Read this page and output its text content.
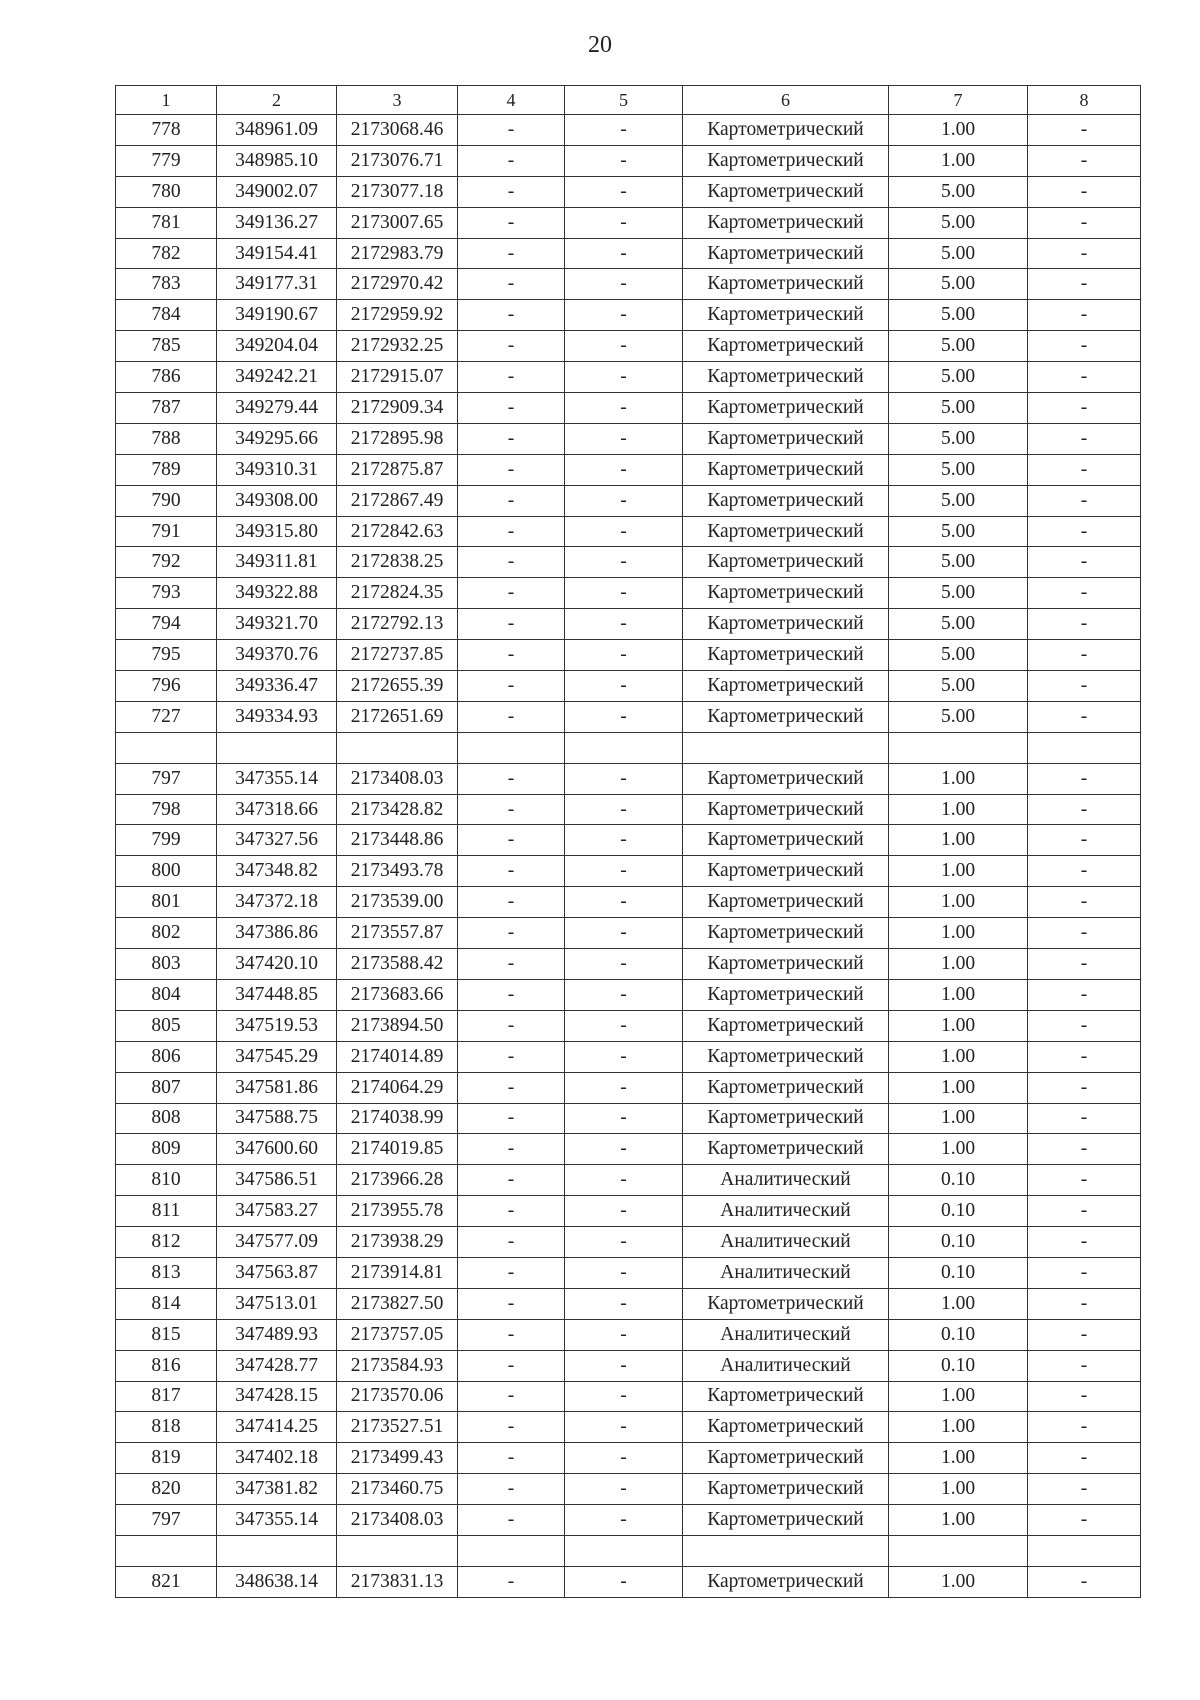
20
1	2	3	4	5	6	7	8
778	348961.09	2173068.46	-	-	Картометрический	1.00	-
779	348985.10	2173076.71	-	-	Картометрический	1.00	-
780	349002.07	2173077.18	-	-	Картометрический	5.00	-
781	349136.27	2173007.65	-	-	Картометрический	5.00	-
782	349154.41	2172983.79	-	-	Картометрический	5.00	-
783	349177.31	2172970.42	-	-	Картометрический	5.00	-
784	349190.67	2172959.92	-	-	Картометрический	5.00	-
785	349204.04	2172932.25	-	-	Картометрический	5.00	-
786	349242.21	2172915.07	-	-	Картометрический	5.00	-
787	349279.44	2172909.34	-	-	Картометрический	5.00	-
788	349295.66	2172895.98	-	-	Картометрический	5.00	-
789	349310.31	2172875.87	-	-	Картометрический	5.00	-
790	349308.00	2172867.49	-	-	Картометрический	5.00	-
791	349315.80	2172842.63	-	-	Картометрический	5.00	-
792	349311.81	2172838.25	-	-	Картометрический	5.00	-
793	349322.88	2172824.35	-	-	Картометрический	5.00	-
794	349321.70	2172792.13	-	-	Картометрический	5.00	-
795	349370.76	2172737.85	-	-	Картометрический	5.00	-
796	349336.47	2172655.39	-	-	Картометрический	5.00	-
727	349334.93	2172651.69	-	-	Картометрический	5.00	-

797	347355.14	2173408.03	-	-	Картометрический	1.00	-
798	347318.66	2173428.82	-	-	Картометрический	1.00	-
799	347327.56	2173448.86	-	-	Картометрический	1.00	-
800	347348.82	2173493.78	-	-	Картометрический	1.00	-
801	347372.18	2173539.00	-	-	Картометрический	1.00	-
802	347386.86	2173557.87	-	-	Картометрический	1.00	-
803	347420.10	2173588.42	-	-	Картометрический	1.00	-
804	347448.85	2173683.66	-	-	Картометрический	1.00	-
805	347519.53	2173894.50	-	-	Картометрический	1.00	-
806	347545.29	2174014.89	-	-	Картометрический	1.00	-
807	347581.86	2174064.29	-	-	Картометрический	1.00	-
808	347588.75	2174038.99	-	-	Картометрический	1.00	-
809	347600.60	2174019.85	-	-	Картометрический	1.00	-
810	347586.51	2173966.28	-	-	Аналитический	0.10	-
811	347583.27	2173955.78	-	-	Аналитический	0.10	-
812	347577.09	2173938.29	-	-	Аналитический	0.10	-
813	347563.87	2173914.81	-	-	Аналитический	0.10	-
814	347513.01	2173827.50	-	-	Картометрический	1.00	-
815	347489.93	2173757.05	-	-	Аналитический	0.10	-
816	347428.77	2173584.93	-	-	Аналитический	0.10	-
817	347428.15	2173570.06	-	-	Картометрический	1.00	-
818	347414.25	2173527.51	-	-	Картометрический	1.00	-
819	347402.18	2173499.43	-	-	Картометрический	1.00	-
820	347381.82	2173460.75	-	-	Картометрический	1.00	-
797	347355.14	2173408.03	-	-	Картометрический	1.00	-

821	348638.14	2173831.13	-	-	Картометрический	1.00	-
